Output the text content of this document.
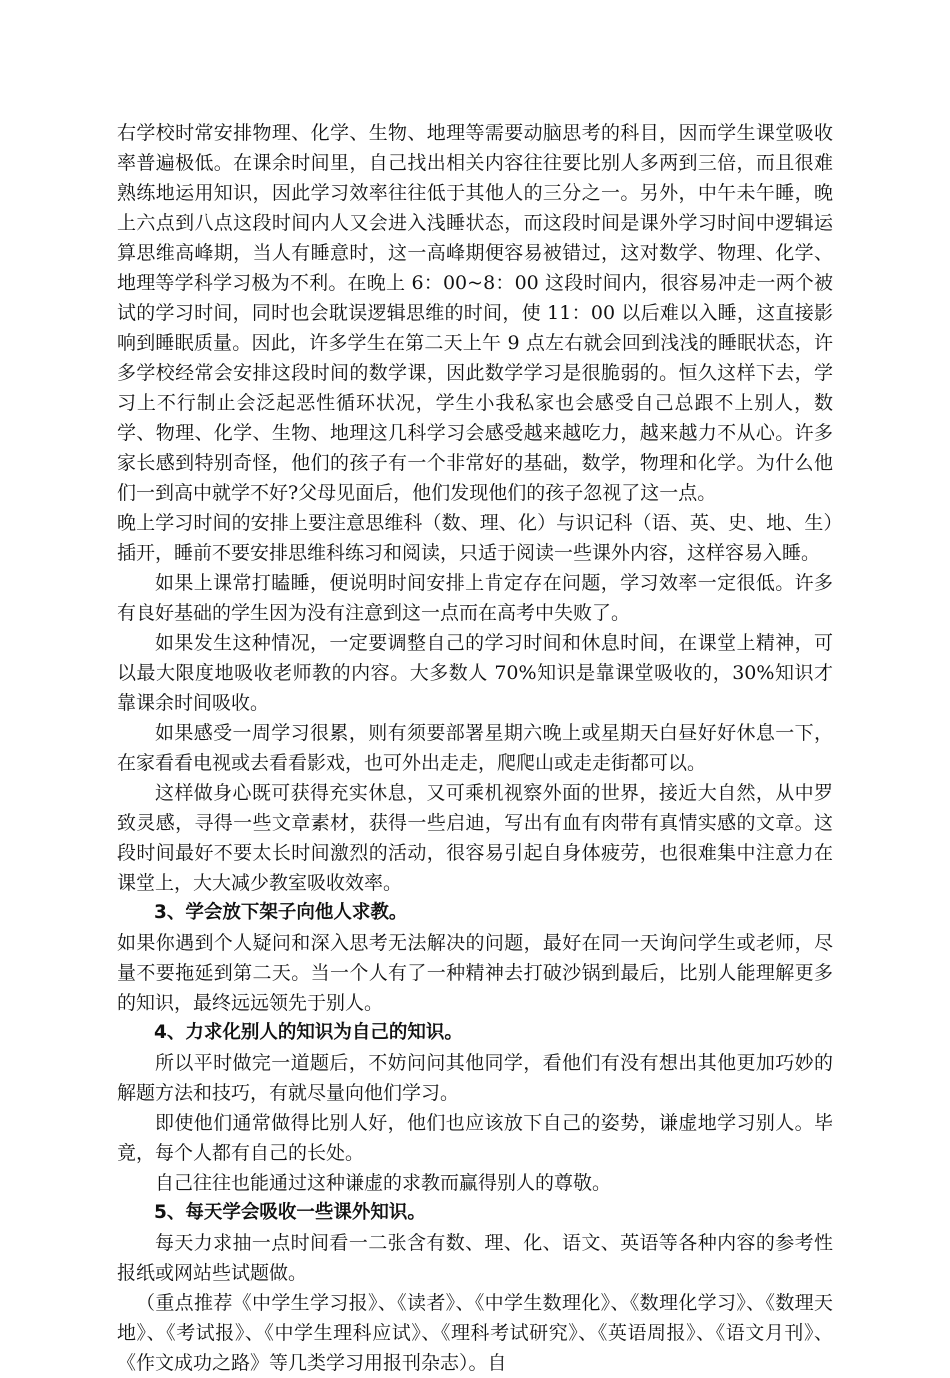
右学校时常安排物理、化学、生物、地理等需要动脑思考的科目，因而学生课堂吸收率普遍极低。在课余时间里，自己找出相关内容往往要比别人多两到三倍，而且很难熟练地运用知识，因此学习效率往往低于其他人的三分之一。另外，中午未午睡，晚上六点到八点这段时间内人又会进入浅睡状态，而这段时间是课外学习时间中逻辑运算思维高峰期，当人有睡意时，这一高峰期便容易被错过，这对数学、物理、化学、地理等学科学习极为不利。在晚上 6：00~8：00 这段时间内，很容易冲走一两个被试的学习时间，同时也会耽误逻辑思维的时间，使 11：00 以后难以入睡，这直接影响到睡眠质量。因此，许多学生在第二天上午 9 点左右就会回到浅浅的睡眠状态，许多学校经常会安排这段时间的数学课，因此数学学习是很脆弱的。恒久这样下去，学习上不行制止会泛起恶性循环状况，学生小我私家也会感受自己总跟不上别人，数学、物理、化学、生物、地理这几科学习会感受越来越吃力，越来越力不从心。许多家长感到特别奇怪，他们的孩子有一个非常好的基础，数学，物理和化学。为什么他们一到高中就学不好?父母见面后，他们发现他们的孩子忽视了这一点。

晚上学习时间的安排上要注意思维科（数、理、化）与识记科（语、英、史、地、生）插开，睡前不要安排思维科练习和阅读，只适于阅读一些课外内容，这样容易入睡。

如果上课常打瞌睡，便说明时间安排上肯定存在问题，学习效率一定很低。许多有良好基础的学生因为没有注意到这一点而在高考中失败了。

如果发生这种情况，一定要调整自己的学习时间和休息时间，在课堂上精神，可以最大限度地吸收老师教的内容。大多数人 70%知识是靠课堂吸收的，30%知识才靠课余时间吸收。

如果感受一周学习很累，则有须要部署星期六晚上或星期天白昼好好休息一下，在家看看电视或去看看影戏，也可外出走走，爬爬山或走走街都可以。

这样做身心既可获得充实休息，又可乘机视察外面的世界，接近大自然，从中罗致灵感，寻得一些文章素材，获得一些启迪，写出有血有肉带有真情实感的文章。这段时间最好不要太长时间激烈的活动，很容易引起自身体疲劳，也很难集中注意力在课堂上，大大减少教室吸收效率。

3、学会放下架子向他人求教。

如果你遇到个人疑问和深入思考无法解决的问题，最好在同一天询问学生或老师，尽量不要拖延到第二天。当一个人有了一种精神去打破沙锅到最后，比别人能理解更多的知识，最终远远领先于别人。

4、力求化别人的知识为自己的知识。

所以平时做完一道题后，不妨问问其他同学，看他们有没有想出其他更加巧妙的解题方法和技巧，有就尽量向他们学习。

即使他们通常做得比别人好，他们也应该放下自己的姿势，谦虚地学习别人。毕竟，每个人都有自己的长处。

自己往往也能通过这种谦虚的求教而赢得别人的尊敬。

5、每天学会吸收一些课外知识。

每天力求抽一点时间看一二张含有数、理、化、语文、英语等各种内容的参考性报纸或网站些试题做。

（重点推荐《中学生学习报》、《读者》、《中学生数理化》、《数理化学习》、《数理天地》、《考试报》、《中学生理科应试》、《理科考试研究》、《英语周报》、《语文月刊》、《作文成功之路》等几类学习用报刊杂志）。自
